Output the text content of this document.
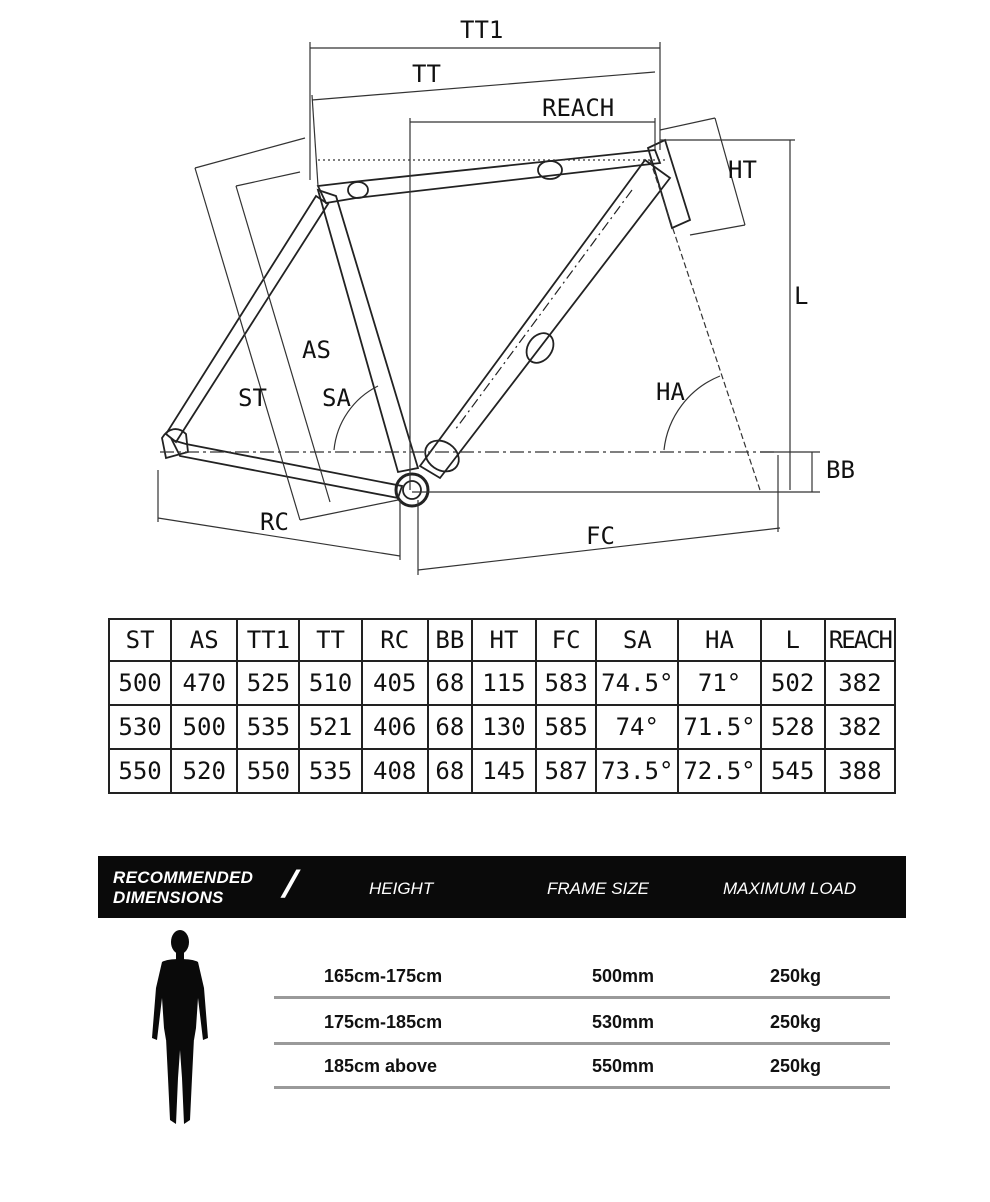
TT1
TT
REACH
HT
L
AS
ST SA	HA
BB
RC	FC
ST	AS	TT1	TT	RC	BB	HT	FC	SA	HA	L	REACH
500	470	525	510	405	68	115	583	74.5°	71°	502	382
530	500	535	521	406	68	130	585	74°	71.5°	528	382
550	520	550	535	408	68	145	587	73.5°	72.5°	545	388
RECOMMENDED
DIMENSIONS	/	HEIGHT	FRAME SIZE	MAXIMUM LOAD
165cm-175cm	500mm	250kg
175cm-185cm	530mm	250kg
185cm above	550mm	250kg
